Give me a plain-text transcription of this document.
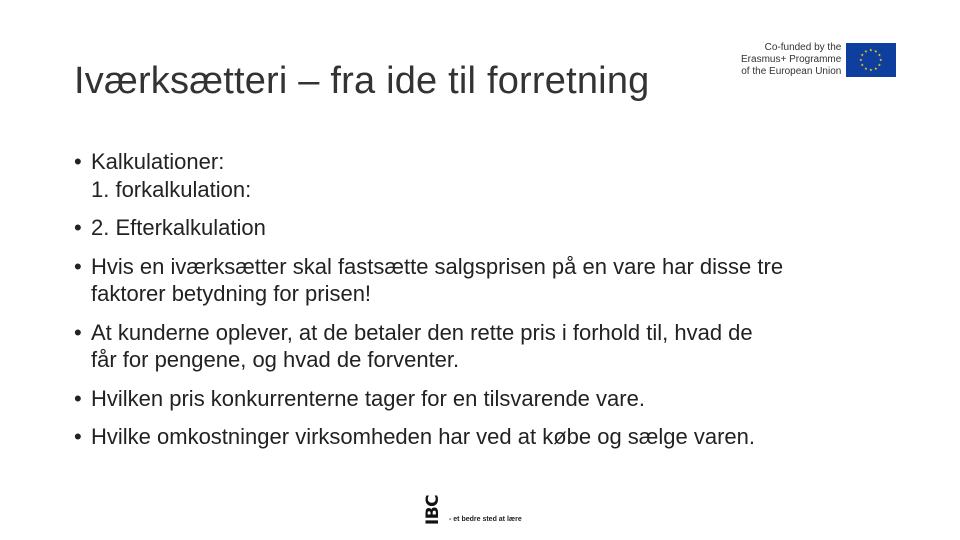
Iværksætteri – fra ide til forretning
Co-funded by the
Erasmus+ Programme
of the European Union
• Kalkulationer:
1. forkalkulation:
• 2. Efterkalkulation
• Hvis en iværksætter skal fastsætte salgsprisen på en vare har disse tre
faktorer betydning for prisen!
• At kunderne oplever, at de betaler den rette pris i forhold til, hvad de
får for pengene, og hvad de forventer.
• Hvilken pris konkurrenterne tager for en tilsvarende vare.
• Hvilke omkostninger virksomheden har ved at købe og sælge varen.
IBC - et bedre sted at lære
